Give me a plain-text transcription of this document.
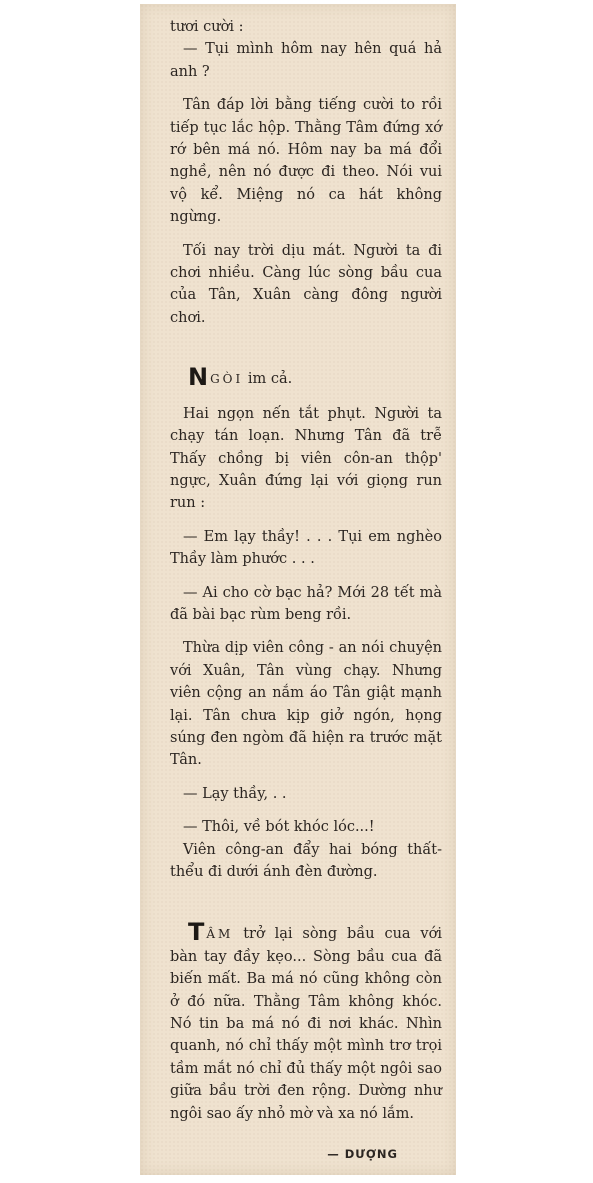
tươi cười :

— Tụi mình hôm nay hên quá hả anh ?

Tân đáp lời bằng tiếng cười to rồi tiếp tục lắc hộp. Thằng Tâm đứng xớ rớ bên má nó. Hôm nay ba má đổi nghề, nên nó được đi theo. Nói vui vộ kể. Miệng nó ca hát không ngừng.

Tối nay trời dịu mát. Người ta đi chơi nhiều. Càng lúc sòng bầu cua của Tân, Xuân càng đông người chơi.

NGÒI im cả.

Hai ngọn nến tắt phụt. Người ta chạy tán loạn. Nhưng Tân đã trễ Thấy chồng bị viên côn-an thộp' ngực, Xuân đứng lại với giọng run run :

— Em lạy thầy! . . . Tụi em nghèo Thầy làm phước . . .

— Ai cho cờ bạc hả? Mới 28 tết mà đã bài bạc rùm beng rồi.

Thừa dịp viên công - an nói chuyện với Xuân, Tân vùng chạy. Nhưng viên cộng an nắm áo Tân giật mạnh lại. Tân chưa kịp giở ngón, họng súng đen ngòm đã hiện ra trước mặt Tân.

— Lạy thầy, . .

— Thôi, về bót khóc lóc...!

Viên công-an đẩy hai bóng thất-thểu đi dưới ánh đèn đường.

TÂM trở lại sòng bầu cua với bàn tay đầy kẹo... Sòng bầu cua đã biến mất. Ba má nó cũng không còn ở đó nữa. Thằng Tâm không khóc. Nó tin ba má nó đi nơi khác. Nhìn quanh, nó chỉ thấy một mình trơ trọi tầm mắt nó chỉ đủ thấy một ngôi sao giữa bầu trời đen rộng. Dường như ngôi sao ấy nhỏ mờ và xa nó lắm.

— DƯỢNG
